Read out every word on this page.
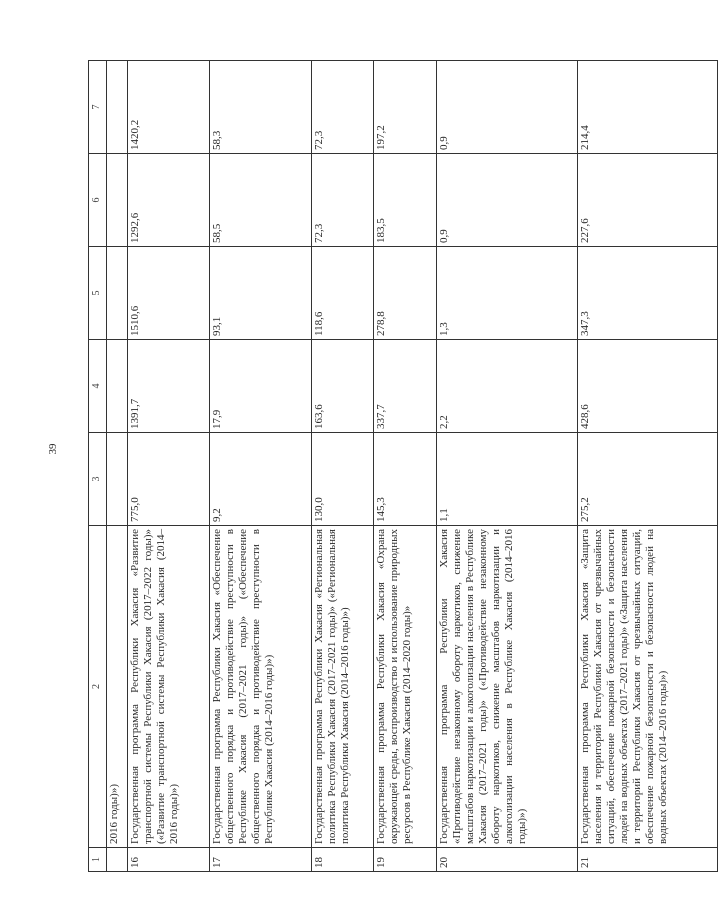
39
1	2	3	4	5	6	7
	2016 годы)»)					
16	Государственная программа Республики Хакасия «Развитие транспортной системы Республики Хакасия (2017–2022 годы)» («Развитие транспортной системы Республики Хакасия (2014–2016 годы)»)	775,0	1391,7	1510,6	1292,6	1420,2
17	Государственная программа Республики Хакасия «Обеспечение общественного порядка и противодействие преступности в Республике Хакасия (2017–2021 годы)» («Обеспечение общественного порядка и противодействие преступности в Республике Хакасия (2014–2016 годы)»)	9,2	17,9	93,1	58,5	58,3
18	Государственная программа Республики Хакасия «Региональная политика Республики Хакасия (2017–2021 годы)» («Региональная политика Республики Хакасия (2014–2016 годы)»)	130,0	163,6	118,6	72,3	72,3
19	Государственная программа Республики Хакасия «Охрана окружающей среды, воспроизводство и использование природных ресурсов в Республике Хакасия (2014–2020 годы)»	145,3	337,7	278,8	183,5	197,2
20	Государственная программа Республики Хакасия «Противодействие незаконному обороту наркотиков, снижение масштабов наркотизации и алкоголизации населения в Республике Хакасия (2017–2021 годы)» («Противодействие незаконному обороту наркотиков, снижение масштабов наркотизации и алкоголизации населения в Республике Хакасия (2014–2016 годы)»)	1,1	2,2	1,3	0,9	0,9
21	Государственная программа Республики Хакасия «Защита населения и территорий Республики Хакасия от чрезвычайных ситуаций, обеспечение пожарной безопасности и безопасности людей на водных объектах (2017–2021 годы)» («Защита населения и территорий Республики Хакасия от чрезвычайных ситуаций, обеспечение пожарной безопасности и безопасности людей на водных объектах (2014–2016 годы)»)	275,2	428,6	347,3	227,6	214,4
